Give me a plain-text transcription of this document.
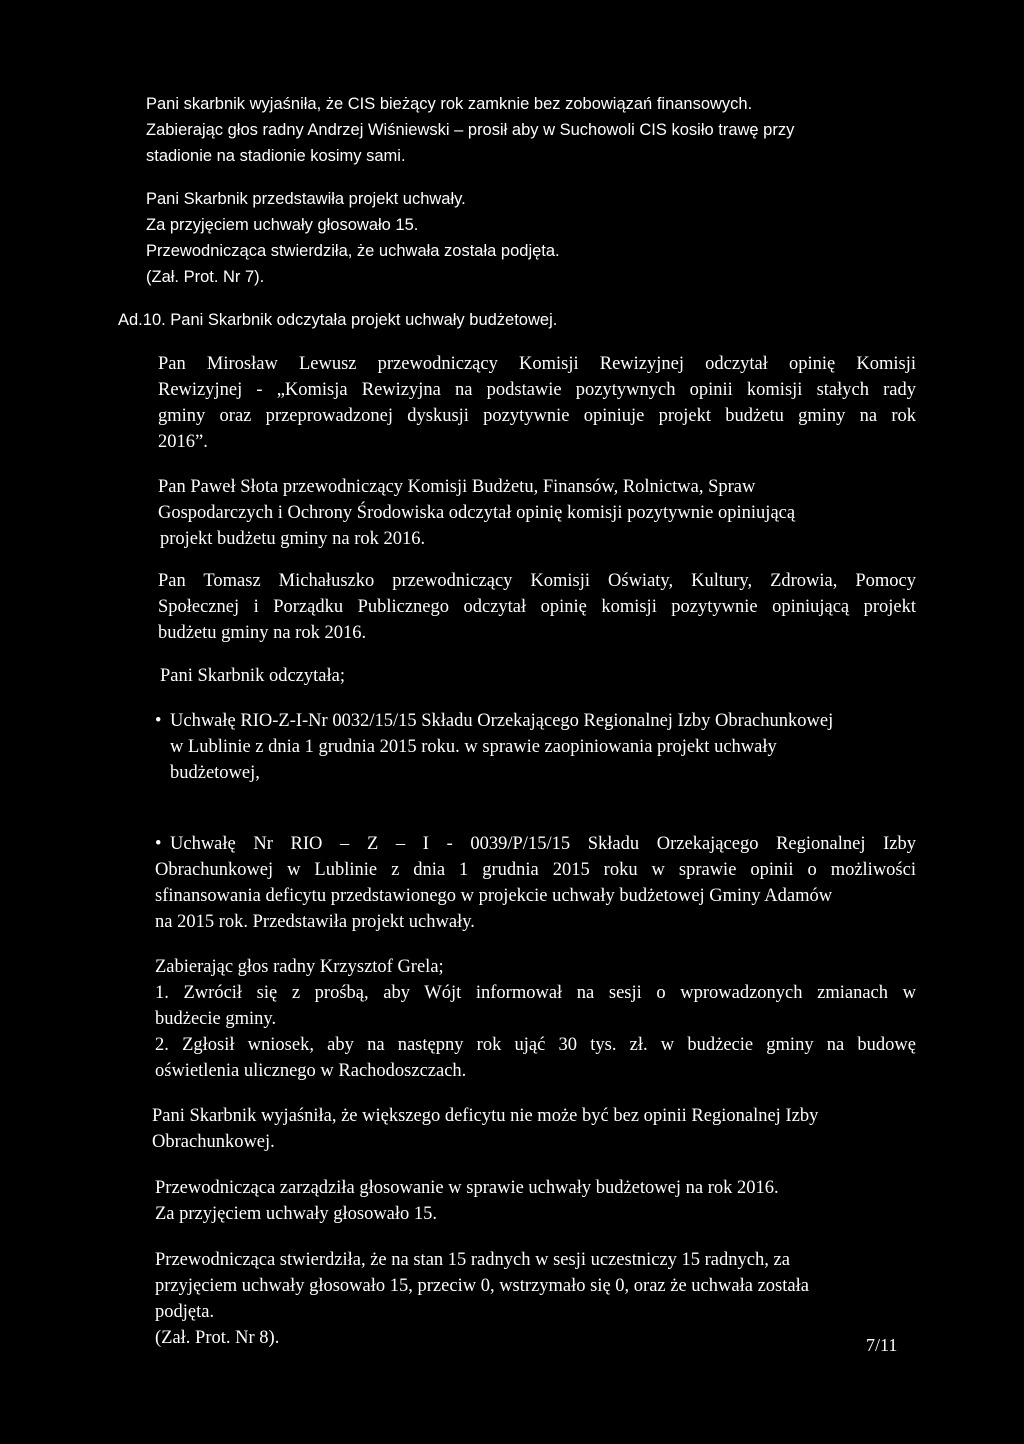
Pani skarbnik wyjaśniła, że CIS bieżący rok zamknie bez zobowiązań finansowych.

Zabierając głos radny Andrzej Wiśniewski – prosił aby w Suchowoli CIS kosiło trawę przy

stadionie na stadionie kosimy sami.

Pani Skarbnik przedstawiła projekt uchwały.

Za przyjęciem uchwały głosowało 15.

Przewodnicząca stwierdziła, że uchwała została podjęta.

(Zał. Prot. Nr 7).

Ad.10. Pani Skarbnik odczytała projekt uchwały budżetowej.

Pan Mirosław Lewusz przewodniczący Komisji Rewizyjnej odczytał opinię Komisji

Rewizyjnej - „Komisja Rewizyjna na podstawie pozytywnych opinii komisji stałych rady

gminy oraz przeprowadzonej dyskusji pozytywnie opiniuje projekt budżetu gminy na rok

2016”.

Pan Paweł Słota przewodniczący Komisji Budżetu, Finansów, Rolnictwa, Spraw

Gospodarczych i Ochrony Środowiska odczytał opinię komisji pozytywnie opiniującą

projekt budżetu gminy na rok 2016.

Pan Tomasz Michałuszko przewodniczący Komisji Oświaty, Kultury, Zdrowia, Pomocy

Społecznej i Porządku Publicznego odczytał opinię komisji pozytywnie opiniującą projekt

budżetu gminy na rok 2016.

Pani Skarbnik odczytała;

• Uchwałę RIO-Z-I-Nr 0032/15/15 Składu Orzekającego Regionalnej Izby Obrachunkowej

w Lublinie z dnia 1 grudnia 2015 roku. w sprawie zaopiniowania projekt uchwały

budżetowej,

• Uchwałę Nr RIO – Z – I - 0039/P/15/15 Składu Orzekającego Regionalnej Izby

Obrachunkowej w Lublinie z dnia 1 grudnia 2015 roku w sprawie opinii o możliwości

sfinansowania deficytu przedstawionego w projekcie uchwały budżetowej Gminy Adamów

na 2015 rok. Przedstawiła projekt uchwały.

Zabierając głos radny Krzysztof Grela;

1. Zwrócił się z prośbą, aby Wójt informował na sesji o wprowadzonych zmianach w

budżecie gminy.

2. Zgłosił wniosek, aby na następny rok ująć 30 tys. zł. w budżecie gminy na budowę

oświetlenia ulicznego w Rachodoszczach.

Pani Skarbnik wyjaśniła, że większego deficytu nie może być bez opinii Regionalnej Izby

Obrachunkowej.

Przewodnicząca zarządziła głosowanie w sprawie uchwały budżetowej na rok 2016.

Za przyjęciem uchwały głosowało 15.

Przewodnicząca stwierdziła, że na stan 15 radnych w sesji uczestniczy 15 radnych, za

przyjęciem uchwały głosowało 15, przeciw 0, wstrzymało się 0, oraz że uchwała została

podjęta.

(Zał. Prot. Nr 8).	7/11
